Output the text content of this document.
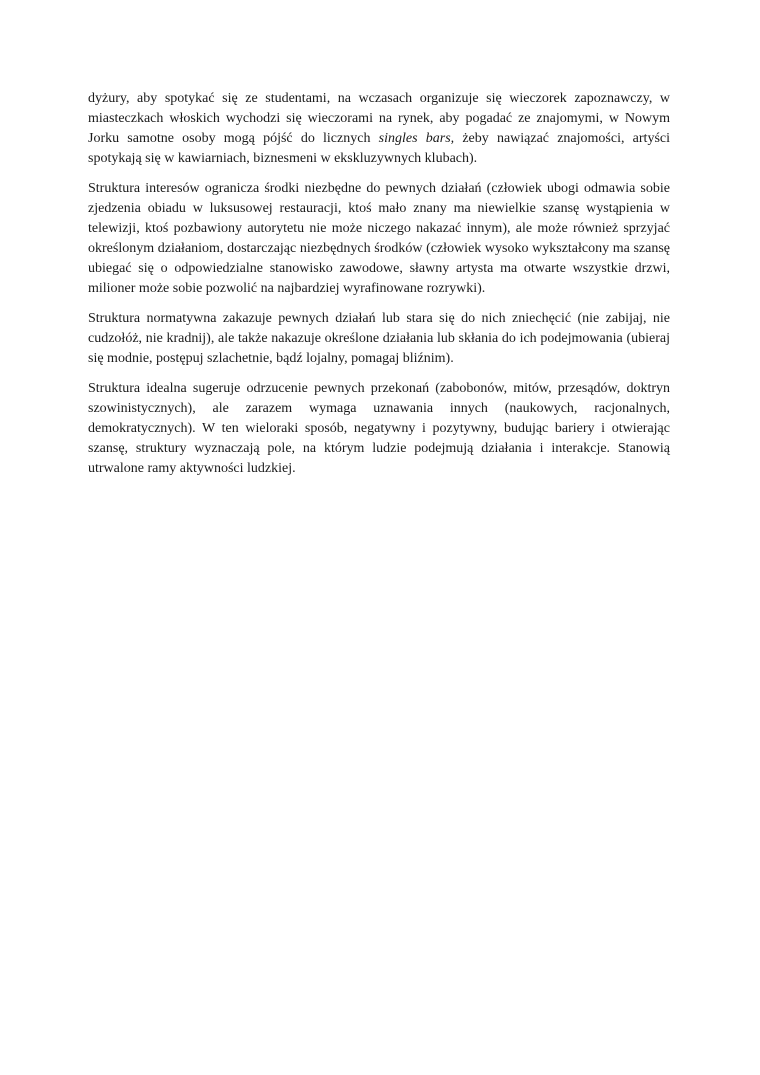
dyżury, aby spotykać się ze studentami, na wczasach organizuje się wieczorek zapoznawczy, w miasteczkach włoskich wychodzi się wieczorami na rynek, aby pogadać ze znajomymi, w Nowym Jorku samotne osoby mogą pójść do licznych singles bars, żeby nawiązać znajomości, artyści spotykają się w kawiarniach, biznesmeni w ekskluzywnych klubach).

Struktura interesów ogranicza środki niezbędne do pewnych działań (człowiek ubogi odmawia sobie zjedzenia obiadu w luksusowej restauracji, ktoś mało znany ma niewielkie szansę wystąpienia w telewizji, ktoś pozbawiony autorytetu nie może niczego nakazać innym), ale może również sprzyjać określonym działaniom, dostarczając niezbędnych środków (człowiek wysoko wykształcony ma szansę ubiegać się o odpowiedzialne stanowisko zawodowe, sławny artysta ma otwarte wszystkie drzwi, milioner może sobie pozwolić na najbardziej wyrafinowane rozrywki).

Struktura normatywna zakazuje pewnych działań lub stara się do nich zniechęcić (nie zabijaj, nie cudzołóż, nie kradnij), ale także nakazuje określone działania lub skłania do ich podejmowania (ubieraj się modnie, postępuj szlachetnie, bądź lojalny, pomagaj bliźnim).

Struktura idealna sugeruje odrzucenie pewnych przekonań (zabobonów, mitów, przesądów, doktryn szowinistycznych), ale zarazem wymaga uznawania innych (naukowych, racjonalnych, demokratycznych). W ten wieloraki sposób, negatywny i pozytywny, budując bariery i otwierając szansę, struktury wyznaczają pole, na którym ludzie podejmują działania i interakcje. Stanowią utrwalone ramy aktywności ludzkiej.
